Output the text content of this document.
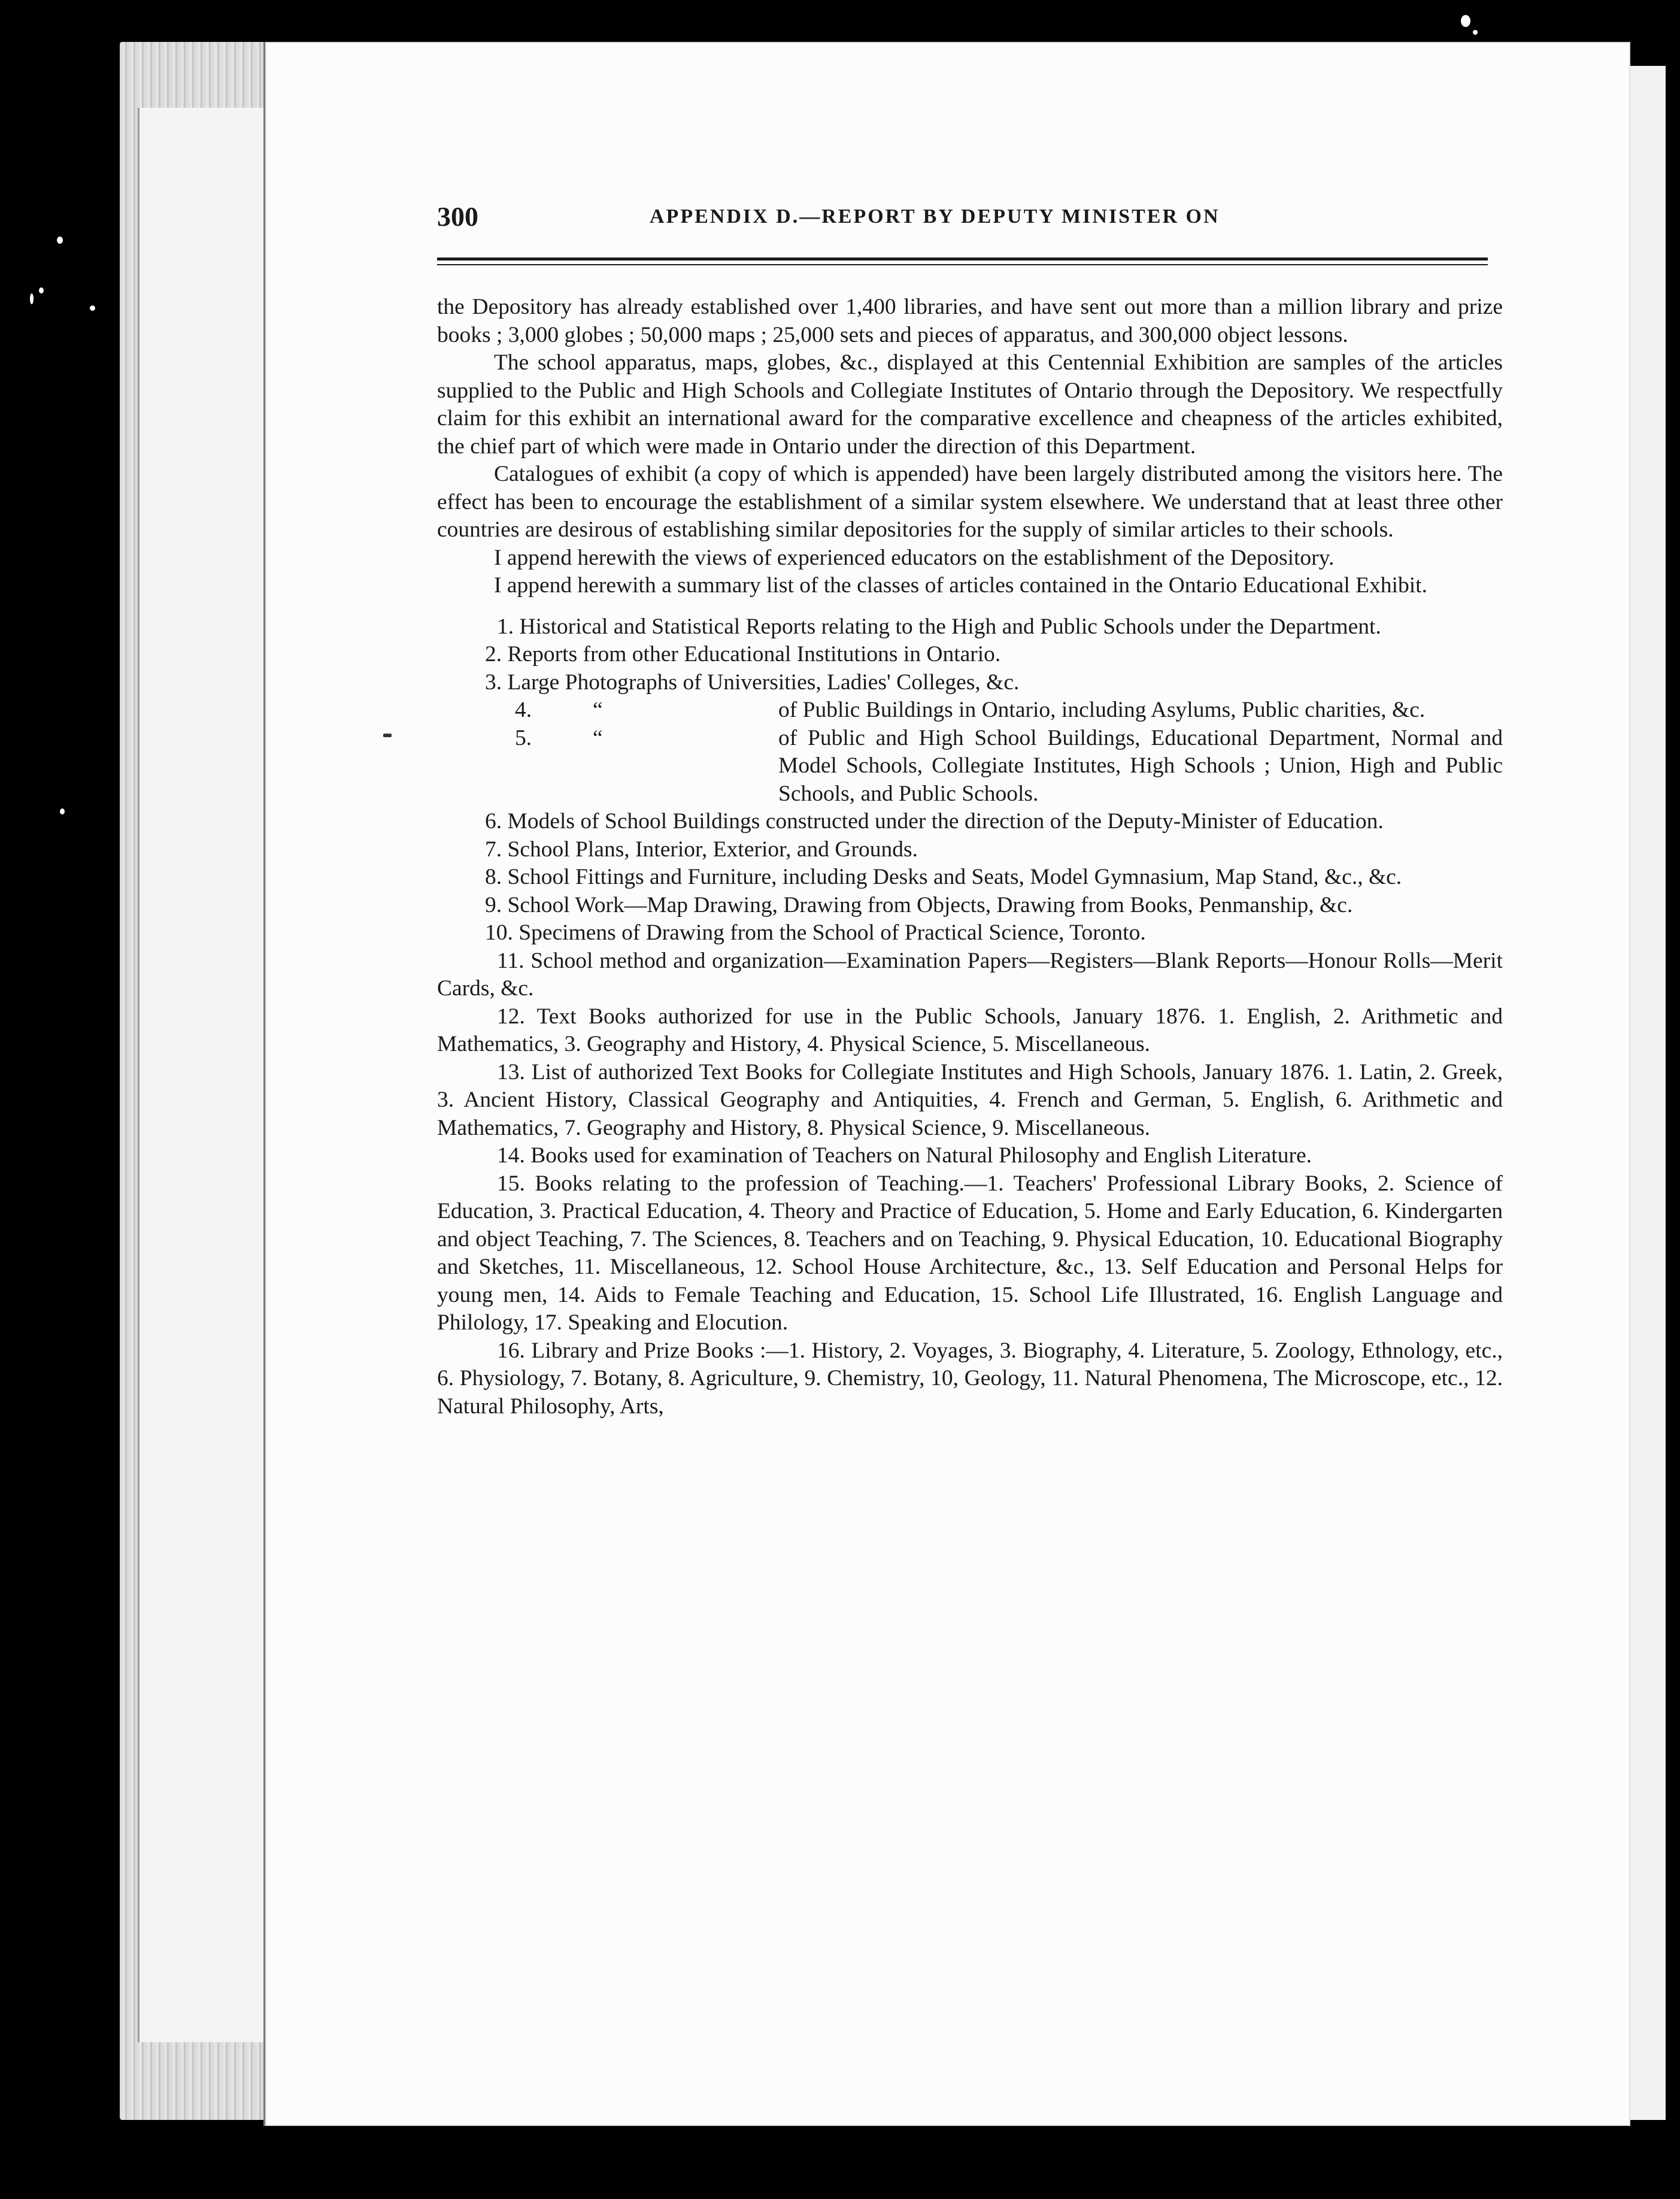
300	APPENDIX D.—REPORT BY DEPUTY MINISTER ON

the Depository has already established over 1,400 libraries, and have sent out more than a million library and prize books ; 3,000 globes ; 50,000 maps ; 25,000 sets and pieces of apparatus, and 300,000 object lessons.

The school apparatus, maps, globes, &c., displayed at this Centennial Exhibition are samples of the articles supplied to the Public and High Schools and Collegiate Institutes of Ontario through the Depository. We respectfully claim for this exhibit an international award for the comparative excellence and cheapness of the articles exhibited, the chief part of which were made in Ontario under the direction of this Department.

Catalogues of exhibit (a copy of which is appended) have been largely distributed among the visitors here. The effect has been to encourage the establishment of a similar system elsewhere. We understand that at least three other countries are desirous of establishing similar depositories for the supply of similar articles to their schools.

I append herewith the views of experienced educators on the establishment of the Depository.

I append herewith a summary list of the classes of articles contained in the Ontario Educational Exhibit.

1. Historical and Statistical Reports relating to the High and Public Schools under the Department.

2. Reports from other Educational Institutions in Ontario.

3. Large Photographs of Universities, Ladies' Colleges, &c.

4.	“	of Public Buildings in Ontario, including Asylums, Public charities, &c.
5.	“	of Public and High School Buildings, Educational Department, Normal and Model Schools, Collegiate Institutes, High Schools ; Union, High and Public Schools, and Public Schools.

6. Models of School Buildings constructed under the direction of the Deputy-Minister of Education.

7. School Plans, Interior, Exterior, and Grounds.

8. School Fittings and Furniture, including Desks and Seats, Model Gymnasium, Map Stand, &c., &c.

9. School Work—Map Drawing, Drawing from Objects, Drawing from Books, Penmanship, &c.

10. Specimens of Drawing from the School of Practical Science, Toronto.

11. School method and organization—Examination Papers—Registers—Blank Reports—Honour Rolls—Merit Cards, &c.

12. Text Books authorized for use in the Public Schools, January 1876. 1. English, 2. Arithmetic and Mathematics, 3. Geography and History, 4. Physical Science, 5. Miscellaneous.

13. List of authorized Text Books for Collegiate Institutes and High Schools, January 1876. 1. Latin, 2. Greek, 3. Ancient History, Classical Geography and Antiquities, 4. French and German, 5. English, 6. Arithmetic and Mathematics, 7. Geography and History, 8. Physical Science, 9. Miscellaneous.

14. Books used for examination of Teachers on Natural Philosophy and English Literature.

15. Books relating to the profession of Teaching.—1. Teachers' Professional Library Books, 2. Science of Education, 3. Practical Education, 4. Theory and Practice of Education, 5. Home and Early Education, 6. Kindergarten and object Teaching, 7. The Sciences, 8. Teachers and on Teaching, 9. Physical Education, 10. Educational Biography and Sketches, 11. Miscellaneous, 12. School House Architecture, &c., 13. Self Education and Personal Helps for young men, 14. Aids to Female Teaching and Education, 15. School Life Illustrated, 16. English Language and Philology, 17. Speaking and Elocution.

16. Library and Prize Books :—1. History, 2. Voyages, 3. Biography, 4. Literature, 5. Zoology, Ethnology, etc., 6. Physiology, 7. Botany, 8. Agriculture, 9. Chemistry, 10, Geology, 11. Natural Phenomena, The Microscope, etc., 12. Natural Philosophy, Arts,
